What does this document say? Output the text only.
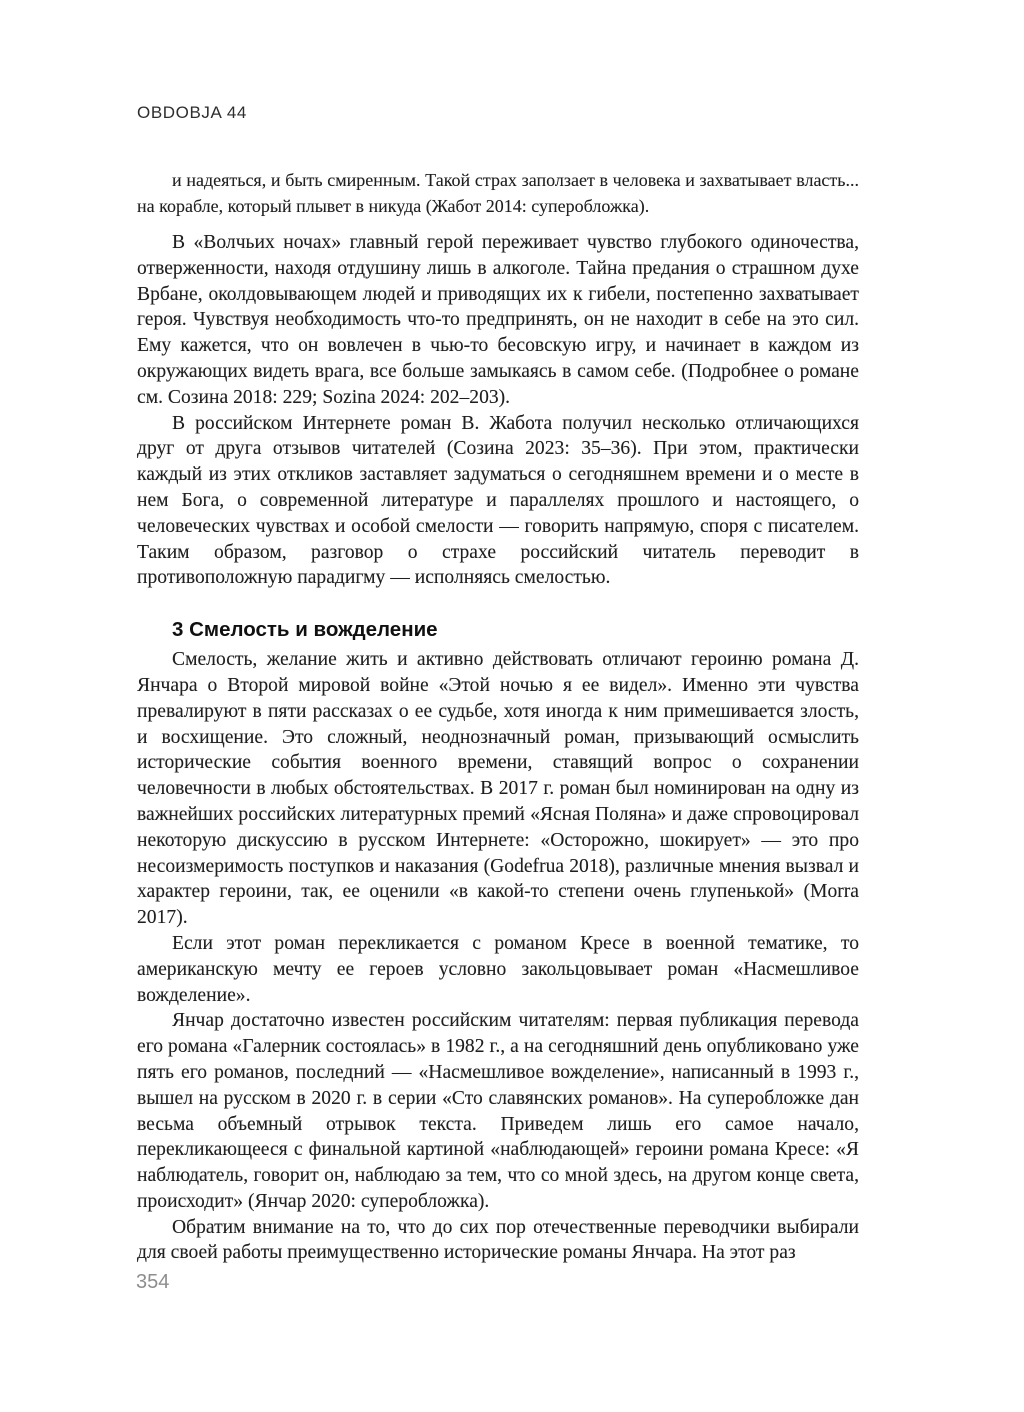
OBDOBJA 44

и надеяться, и быть смиренным. Такой страх заползает в человека и захватывает власть... на корабле, который плывет в никуда (Жабот 2014: суперобложка).

В «Волчьих ночах» главный герой переживает чувство глубокого одиночества, отверженности, находя отдушину лишь в алкоголе. Тайна предания о страшном духе Врбане, околдовывающем людей и приводящих их к гибели, постепенно захватывает героя. Чувствуя необходимость что-то предпринять, он не находит в себе на это сил. Ему кажется, что он вовлечен в чью-то бесовскую игру, и начинает в каждом из окружающих видеть врага, все больше замыкаясь в самом себе. (Подробнее о романе см. Созина 2018: 229; Sozina 2024: 202–203).

В российском Интернете роман В. Жабота получил несколько отличающихся друг от друга отзывов читателей (Созина 2023: 35–36). При этом, практически каждый из этих откликов заставляет задуматься о сегодняшнем времени и о месте в нем Бога, о современной литературе и параллелях прошлого и настоящего, о человеческих чувствах и особой смелости — говорить напрямую, споря с писателем. Таким образом, разговор о страхе российский читатель переводит в противоположную парадигму — исполняясь смелостью.

3 Смелость и вожделение

Смелость, желание жить и активно действовать отличают героиню романа Д. Янчара о Второй мировой войне «Этой ночью я ее видел». Именно эти чувства превалируют в пяти рассказах о ее судьбе, хотя иногда к ним примешивается злость, и восхищение. Это сложный, неоднозначный роман, призывающий осмыслить исторические события военного времени, ставящий вопрос о сохранении человечности в любых обстоятельствах. В 2017 г. роман был номинирован на одну из важнейших российских литературных премий «Ясная Поляна» и даже спровоцировал некоторую дискуссию в русском Интернете: «Осторожно, шокирует» — это про несоизмеримость поступков и наказания (Godefrua 2018), различные мнения вызвал и характер героини, так, ее оценили «в какой-то степени очень глупенькой» (Morra 2017).

Если этот роман перекликается с романом Кресе в военной тематике, то американскую мечту ее героев условно закольцовывает роман «Насмешливое вожделение».

Янчар достаточно известен российским читателям: первая публикация перевода его романа «Галерник состоялась» в 1982 г., а на сегодняшний день опубликовано уже пять его романов, последний — «Насмешливое вожделение», написанный в 1993 г., вышел на русском в 2020 г. в серии «Сто славянских романов». На суперобложке дан весьма объемный отрывок текста. Приведем лишь его самое начало, перекликающееся с финальной картиной «наблюдающей» героини романа Кресе: «Я наблюдатель, говорит он, наблюдаю за тем, что со мной здесь, на другом конце света, происходит» (Янчар 2020: суперобложка).

Обратим внимание на то, что до сих пор отечественные переводчики выбирали для своей работы преимущественно исторические романы Янчара. На этот раз

354
